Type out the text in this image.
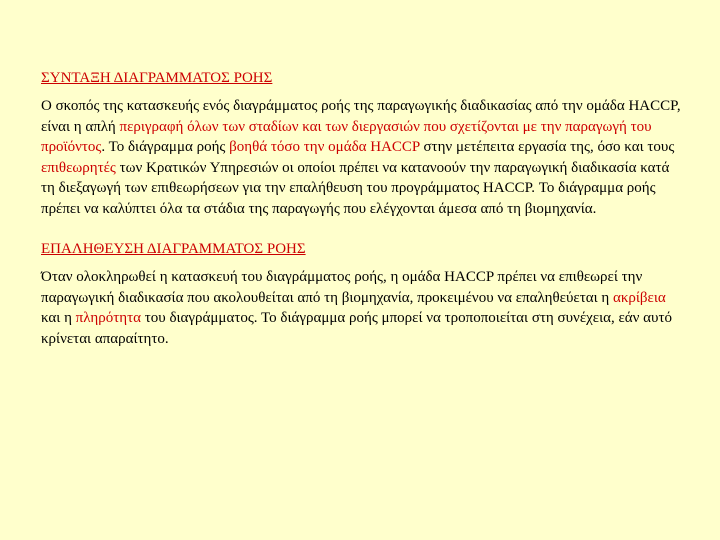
ΣΥΝΤΑΞΗ ΔΙΑΓΡΑΜΜΑΤΟΣ ΡΟΗΣ

Ο σκοπός της κατασκευής ενός διαγράμματος ροής της παραγωγικής διαδικασίας από την ομάδα HACCP, είναι η απλή περιγραφή όλων των σταδίων και των διεργασιών που σχετίζονται με την παραγωγή του προϊόντος. Το διάγραμμα ροής βοηθά τόσο την ομάδα HACCP στην μετέπειτα εργασία της, όσο και τους επιθεωρητές των Κρατικών Υπηρεσιών οι οποίοι πρέπει να κατανοούν την παραγωγική διαδικασία κατά τη διεξαγωγή των επιθεωρήσεων για την επαλήθευση του προγράμματος HACCP. Το διάγραμμα ροής πρέπει να καλύπτει όλα τα στάδια της παραγωγής που ελέγχονται άμεσα από τη βιομηχανία.

ΕΠΑΛΗΘΕΥΣΗ ΔΙΑΓΡΑΜΜΑΤΟΣ ΡΟΗΣ

Όταν ολοκληρωθεί η κατασκευή του διαγράμματος ροής, η ομάδα HACCP πρέπει να επιθεωρεί την παραγωγική διαδικασία που ακολουθείται από τη βιομηχανία, προκειμένου να επαληθεύεται η ακρίβεια και η πληρότητα του διαγράμματος. Το διάγραμμα ροής μπορεί να τροποποιείται στη συνέχεια, εάν αυτό κρίνεται απαραίτητο.
